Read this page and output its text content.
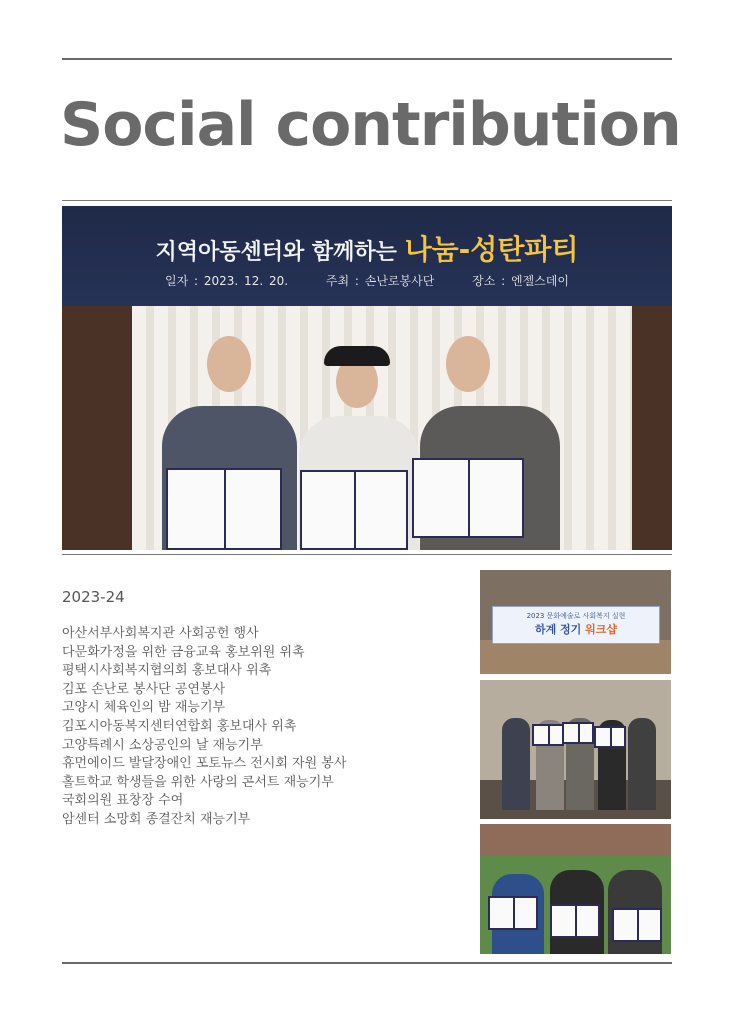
Social contribution
지역아동센터와 함께하는 나눔-성탄파티
일자 : 2023. 12. 20.	주최 : 손난로봉사단	장소 : 엔젤스데이
2023-24
아산서부사회복지관 사회공헌 행사
다문화가정을 위한 금융교육 홍보위원 위촉
평택시사회복지협의회 홍보대사 위촉
김포 손난로 봉사단 공연봉사
고양시 체육인의 밤 재능기부
김포시아동복지센터연합회 홍보대사 위촉
고양특례시 소상공인의 날 재능기부
휴먼에이드 발달장애인 포토뉴스 전시회 자원 봉사
홀트학교 학생들을 위한 사랑의 콘서트 재능기부
국회의원 표창장 수여
암센터 소망회 종결잔치 재능기부
2023 문화예술로 사회복지 실현
하계 정기 워크샵
